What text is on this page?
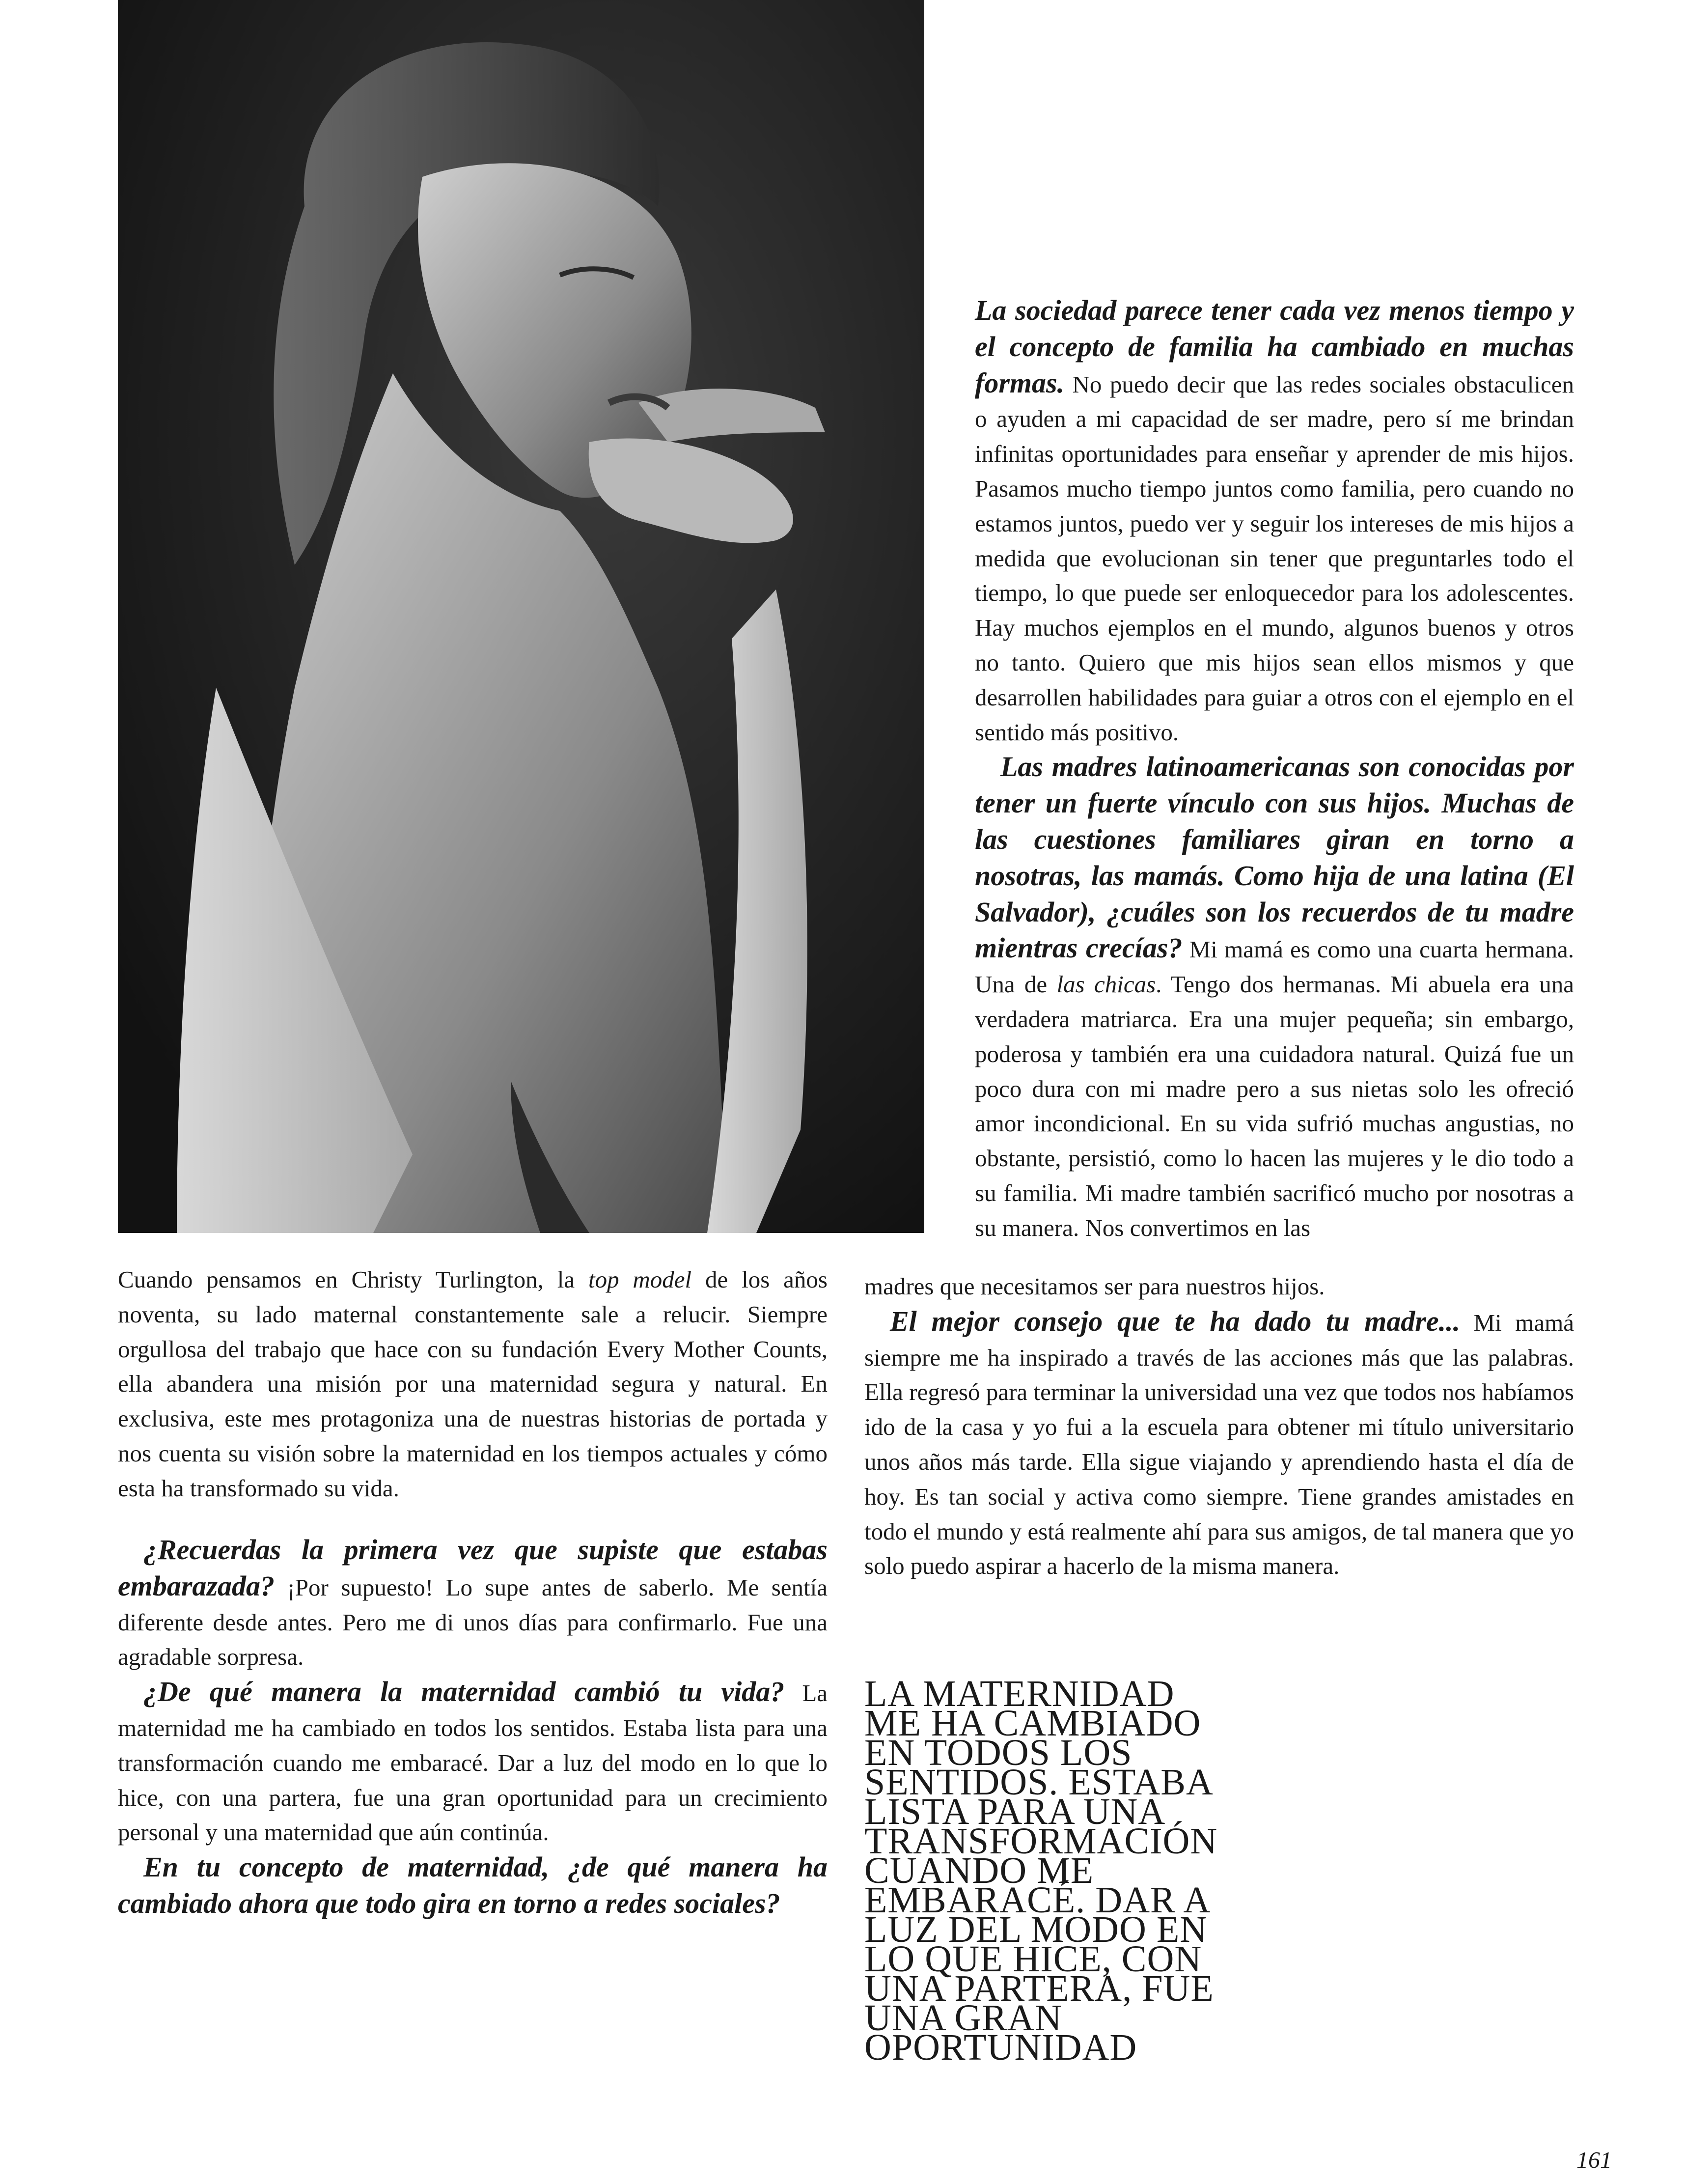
Cuando pensamos en Christy Turlington, la top model de los años noventa, su lado maternal constantemente sale a relucir. Siempre orgullosa del trabajo que hace con su fundación Every Mother Counts, ella abandera una misión por una maternidad segura y natural. En exclusiva, este mes protagoniza una de nuestras historias de portada y nos cuenta su visión sobre la maternidad en los tiempos actuales y cómo esta ha transformado su vida.

¿Recuerdas la primera vez que supiste que estabas embarazada? ¡Por supuesto! Lo supe antes de saberlo. Me sentía diferente desde antes. Pero me di unos días para confirmarlo. Fue una agradable sorpresa.

¿De qué manera la maternidad cambió tu vida? La maternidad me ha cambiado en todos los sentidos. Estaba lista para una transformación cuando me embaracé. Dar a luz del modo en lo que lo hice, con una partera, fue una gran oportunidad para un crecimiento personal y una maternidad que aún continúa.

En tu concepto de maternidad, ¿de qué manera ha cambiado ahora que todo gira en torno a redes sociales?

La sociedad parece tener cada vez menos tiempo y el concepto de familia ha cambiado en muchas formas. No puedo decir que las redes sociales obstaculicen o ayuden a mi capacidad de ser madre, pero sí me brindan infinitas oportunidades para enseñar y aprender de mis hijos. Pasamos mucho tiempo juntos como familia, pero cuando no estamos juntos, puedo ver y seguir los intereses de mis hijos a medida que evolucionan sin tener que preguntarles todo el tiempo, lo que puede ser enloquecedor para los adolescentes. Hay muchos ejemplos en el mundo, algunos buenos y otros no tanto. Quiero que mis hijos sean ellos mismos y que desarrollen habilidades para guiar a otros con el ejemplo en el sentido más positivo.

Las madres latinoamericanas son conocidas por tener un fuerte vínculo con sus hijos. Muchas de las cuestiones familiares giran en torno a nosotras, las mamás. Como hija de una latina (El Salvador), ¿cuáles son los recuerdos de tu madre mientras crecías? Mi mamá es como una cuarta hermana. Una de las chicas. Tengo dos hermanas. Mi abuela era una verdadera matriarca. Era una mujer pequeña; sin embargo, poderosa y también era una cuidadora natural. Quizá fue un poco dura con mi madre pero a sus nietas solo les ofreció amor incondicional. En su vida sufrió muchas angustias, no obstante, persistió, como lo hacen las mujeres y le dio todo a su familia. Mi madre también sacrificó mucho por nosotras a su manera. Nos convertimos en las

madres que necesitamos ser para nuestros hijos.

El mejor consejo que te ha dado tu madre... Mi mamá siempre me ha inspirado a través de las acciones más que las palabras. Ella regresó para terminar la universidad una vez que todos nos habíamos ido de la casa y yo fui a la escuela para obtener mi título universitario unos años más tarde. Ella sigue viajando y aprendiendo hasta el día de hoy. Es tan social y activa como siempre. Tiene grandes amistades en todo el mundo y está realmente ahí para sus amigos, de tal manera que yo solo puedo aspirar a hacerlo de la misma manera.

LA MATERNIDAD ME HA CAMBIADO EN TODOS LOS SENTIDOS. ESTABA LISTA PARA UNA TRANSFORMACIÓN CUANDO ME EMBARACÉ. DAR A LUZ DEL MODO EN LO QUE HICE, CON UNA PARTERA, FUE UNA GRAN OPORTUNIDAD

161
